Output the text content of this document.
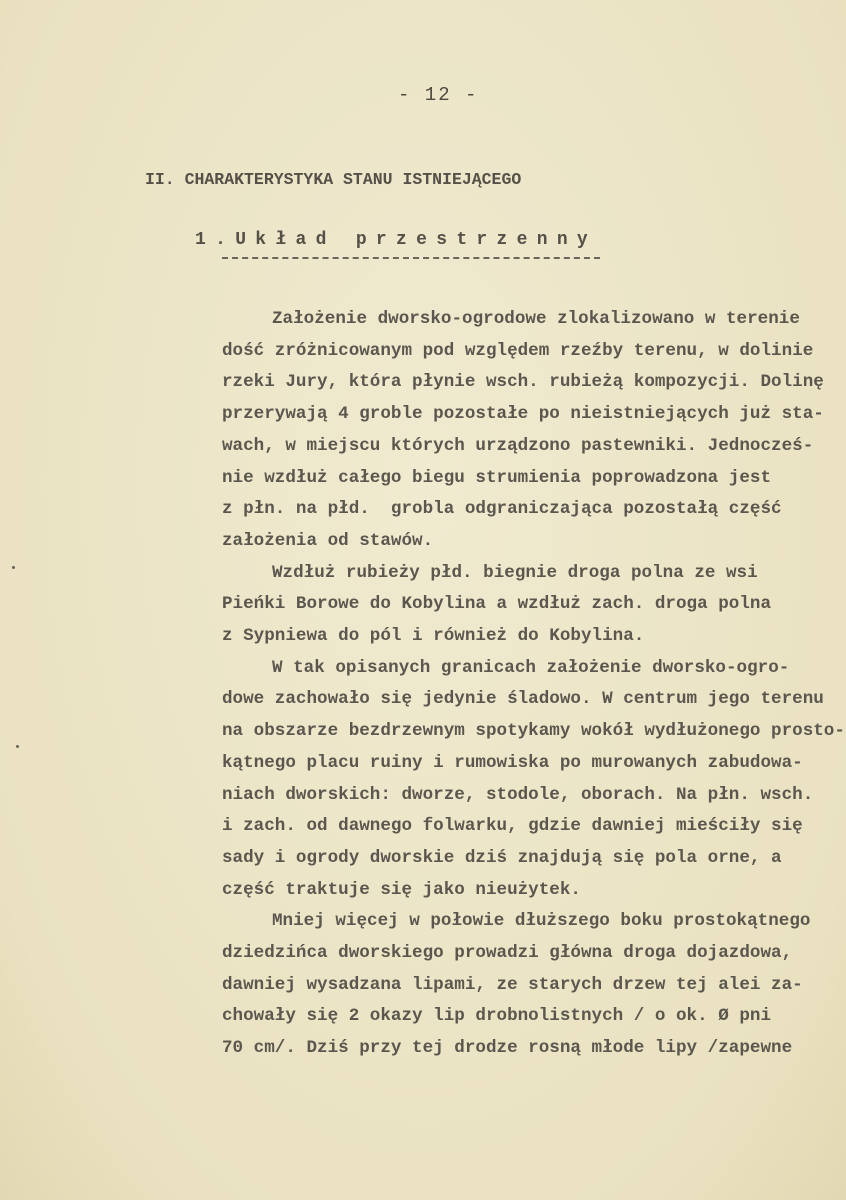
- 12 -
II. CHARAKTERYSTYKA STANU ISTNIEJĄCEGO
1.Układ przestrzenny
Założenie dworsko-ogrodowe zlokalizowano w terenie
dość zróżnicowanym pod względem rzeźby terenu, w dolinie
rzeki Jury, która płynie wsch. rubieżą kompozycji. Dolinę
przerywają 4 groble pozostałe po nieistniejących już sta-
wach, w miejscu których urządzono pastewniki. Jednocześ-
nie wzdłuż całego biegu strumienia poprowadzona jest
z płn. na płd.  grobla odgraniczająca pozostałą część
założenia od stawów.
Wzdłuż rubieży płd. biegnie droga polna ze wsi
Pieńki Borowe do Kobylina a wzdłuż zach. droga polna
z Sypniewa do pól i również do Kobylina.
W tak opisanych granicach założenie dworsko-ogro-
dowe zachowało się jedynie śladowo. W centrum jego terenu
na obszarze bezdrzewnym spotykamy wokół wydłużonego prosto-
kątnego placu ruiny i rumowiska po murowanych zabudowa-
niach dworskich: dworze, stodole, oborach. Na płn. wsch.
i zach. od dawnego folwarku, gdzie dawniej mieściły się
sady i ogrody dworskie dziś znajdują się pola orne, a
część traktuje się jako nieużytek.
Mniej więcej w połowie dłuższego boku prostokątnego
dziedzińca dworskiego prowadzi główna droga dojazdowa,
dawniej wysadzana lipami, ze starych drzew tej alei za-
chowały się 2 okazy lip drobnolistnych / o ok. Ø pni
70 cm/. Dziś przy tej drodze rosną młode lipy /zapewne
